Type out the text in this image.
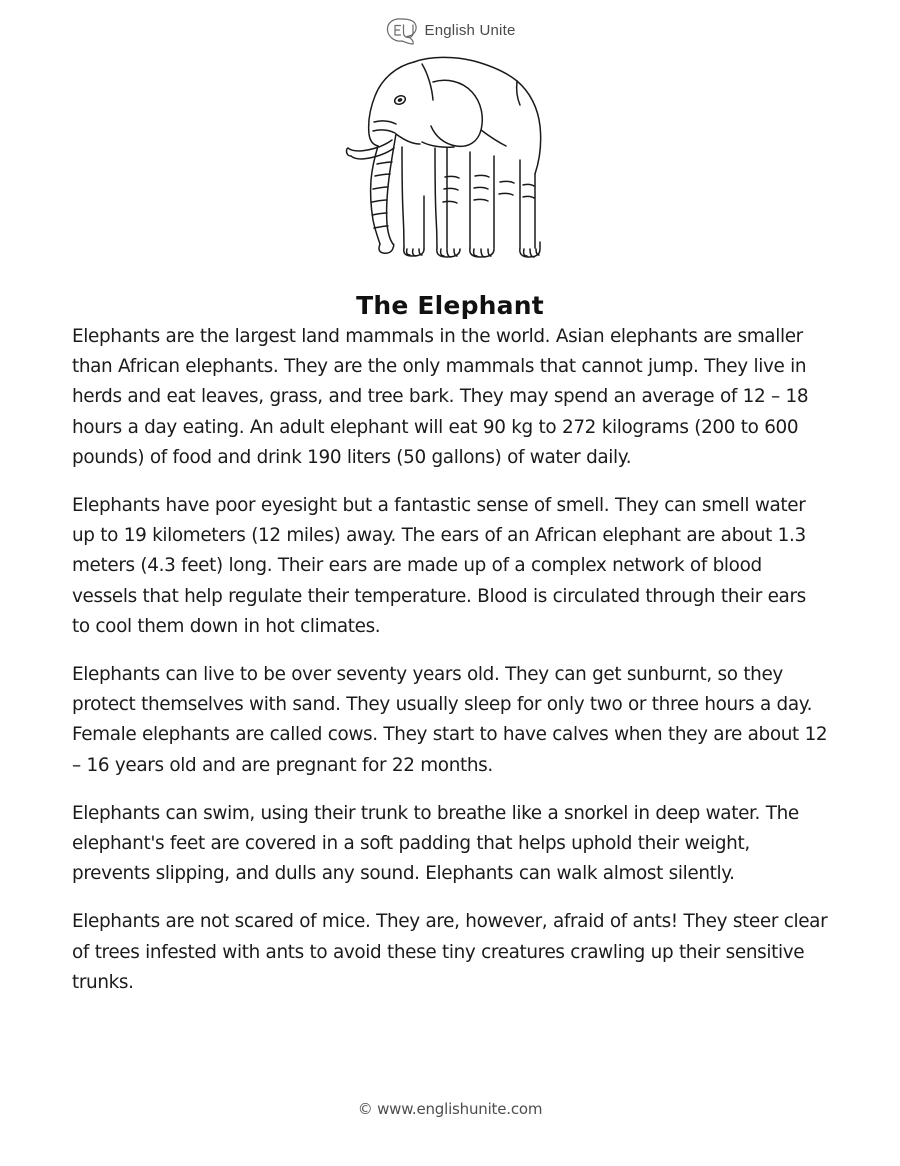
English Unite
The Elephant

Elephants are the largest land mammals in the world. Asian elephants are smaller than African elephants. They are the only mammals that cannot jump. They live in herds and eat leaves, grass, and tree bark. They may spend an average of 12 – 18 hours a day eating. An adult elephant will eat 90 kg to 272 kilograms (200 to 600 pounds) of food and drink 190 liters (50 gallons) of water daily.

Elephants have poor eyesight but a fantastic sense of smell. They can smell water up to 19 kilometers (12 miles) away. The ears of an African elephant are about 1.3 meters (4.3 feet) long. Their ears are made up of a complex network of blood vessels that help regulate their temperature. Blood is circulated through their ears to cool them down in hot climates.

Elephants can live to be over seventy years old. They can get sunburnt, so they protect themselves with sand. They usually sleep for only two or three hours a day. Female elephants are called cows. They start to have calves when they are about 12 – 16 years old and are pregnant for 22 months.

Elephants can swim, using their trunk to breathe like a snorkel in deep water. The elephant's feet are covered in a soft padding that helps uphold their weight, prevents slipping, and dulls any sound. Elephants can walk almost silently.

Elephants are not scared of mice. They are, however, afraid of ants! They steer clear of trees infested with ants to avoid these tiny creatures crawling up their sensitive trunks.

© www.englishunite.com
